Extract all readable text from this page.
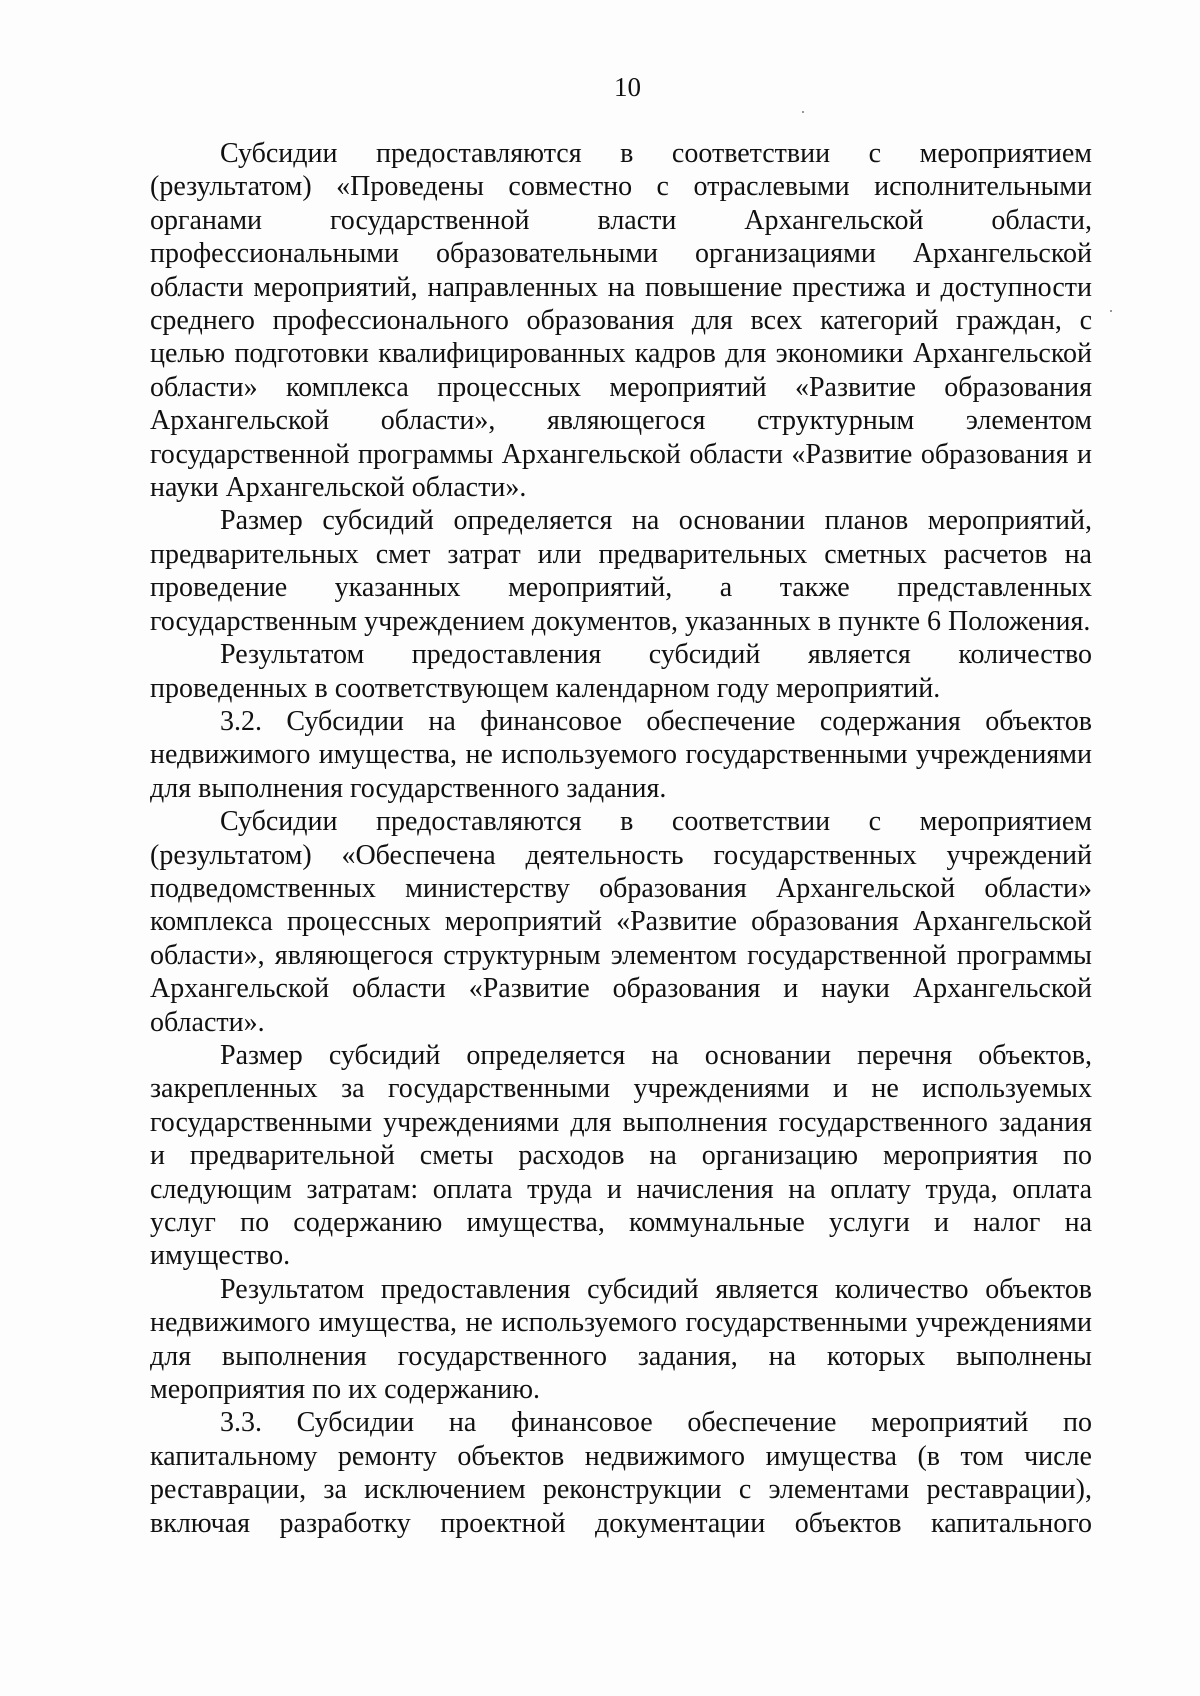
10

Субсидии предоставляются в соответствии с мероприятием (результатом) «Проведены совместно с отраслевыми исполнительными органами государственной власти Архангельской области, профессиональными образовательными организациями Архангельской области мероприятий, направленных на повышение престижа и доступности среднего профессионального образования для всех категорий граждан, с целью подготовки квалифицированных кадров для экономики Архангельской области» комплекса процессных мероприятий «Развитие образования Архангельской области», являющегося структурным элементом государственной программы Архангельской области «Развитие образования и науки Архангельской области».

Размер субсидий определяется на основании планов мероприятий, предварительных смет затрат или предварительных сметных расчетов на проведение указанных мероприятий, а также представленных государственным учреждением документов, указанных в пункте 6 Положения.

Результатом предоставления субсидий является количество проведенных в соответствующем календарном году мероприятий.

3.2. Субсидии на финансовое обеспечение содержания объектов недвижимого имущества, не используемого государственными учреждениями для выполнения государственного задания.

Субсидии предоставляются в соответствии с мероприятием (результатом) «Обеспечена деятельность государственных учреждений подведомственных министерству образования Архангельской области» комплекса процессных мероприятий «Развитие образования Архангельской области», являющегося структурным элементом государственной программы Архангельской области «Развитие образования и науки Архангельской области».

Размер субсидий определяется на основании перечня объектов, закрепленных за государственными учреждениями и не используемых государственными учреждениями для выполнения государственного задания и предварительной сметы расходов на организацию мероприятия по следующим затратам: оплата труда и начисления на оплату труда, оплата услуг по содержанию имущества, коммунальные услуги и налог на имущество.

Результатом предоставления субсидий является количество объектов недвижимого имущества, не используемого государственными учреждениями

для выполнения государственного задания, на которых выполнены мероприятия по их содержанию.

3.3. Субсидии на финансовое обеспечение мероприятий по капитальному ремонту объектов недвижимого имущества (в том числе реставрации, за исключением реконструкции с элементами реставрации), включая разработку проектной документации объектов капитального
